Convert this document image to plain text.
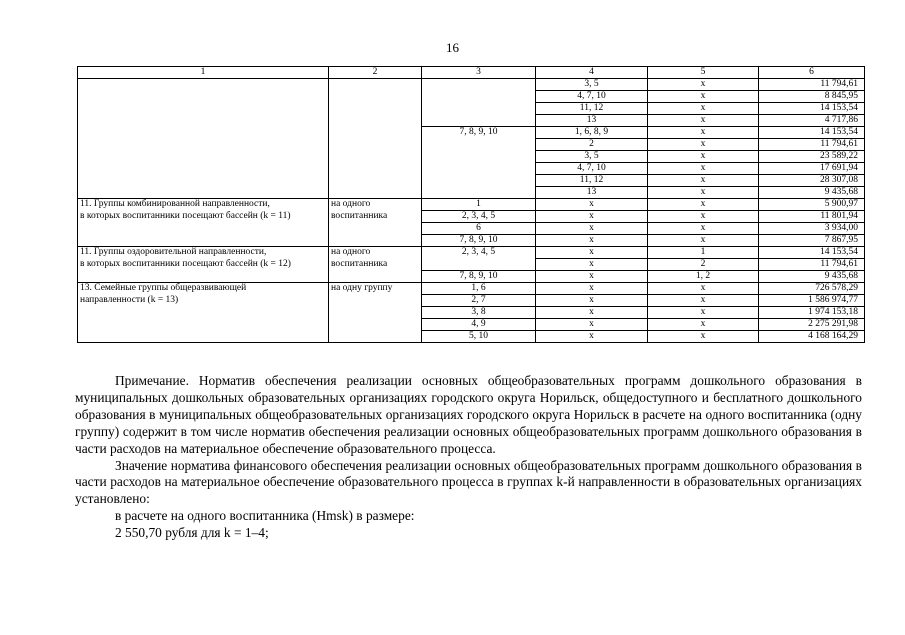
16
1	2	3	4	5	6
			3, 5	x	11 794,61
			4, 7, 10	x	8 845,95
			11, 12	x	14 153,54
			13	x	4 717,86
		7, 8, 9, 10	1, 6, 8, 9	x	14 153,54
			2	x	11 794,61
			3, 5	x	23 589,22
			4, 7, 10	x	17 691,94
			11, 12	x	28 307,08
			13	x	9 435,68
11. Группы комбинированной направленности,	на одного	1	x	x	5 900,97
в которых воспитанники посещают бассейн (k = 11)	воспитанника	2, 3, 4, 5	x	x	11 801,94
		6	x	x	3 934,00
		7, 8, 9, 10	x	x	7 867,95
11. Группы оздоровительной направленности,	на одного	2, 3, 4, 5	x	1	14 153,54
в которых воспитанники посещают бассейн (k = 12)	воспитанника		x	2	11 794,61
		7, 8, 9, 10	x	1, 2	9 435,68
13. Семейные группы общеразвивающей	на одну группу	1, 6	x	x	726 578,29
направленности (k = 13)		2, 7	x	x	1 586 974,77
		3, 8	x	x	1 974 153,18
		4, 9	x	x	2 275 291,98
		5, 10	x	x	4 168 164,29

Примечание. Норматив обеспечения реализации основных общеобразовательных программ дошкольного образования в муниципальных дошкольных образовательных организациях городского округа Норильск, общедоступного и бесплатного дошкольного образования в муниципальных общеобразовательных организациях городского округа Норильск в расчете на одного воспитанника (одну группу) содержит в том числе норматив обеспечения реализации основных общеобразовательных программ дошкольного образования в части расходов на материальное обеспечение образовательного процесса.

Значение норматива финансового обеспечения реализации основных общеобразовательных программ дошкольного образования в части расходов на материальное обеспечение образовательного процесса в группах k-й направленности в образовательных организациях установлено:

в расчете на одного воспитанника (Hmsk) в размере:

2 550,70 рубля для k = 1–4;
